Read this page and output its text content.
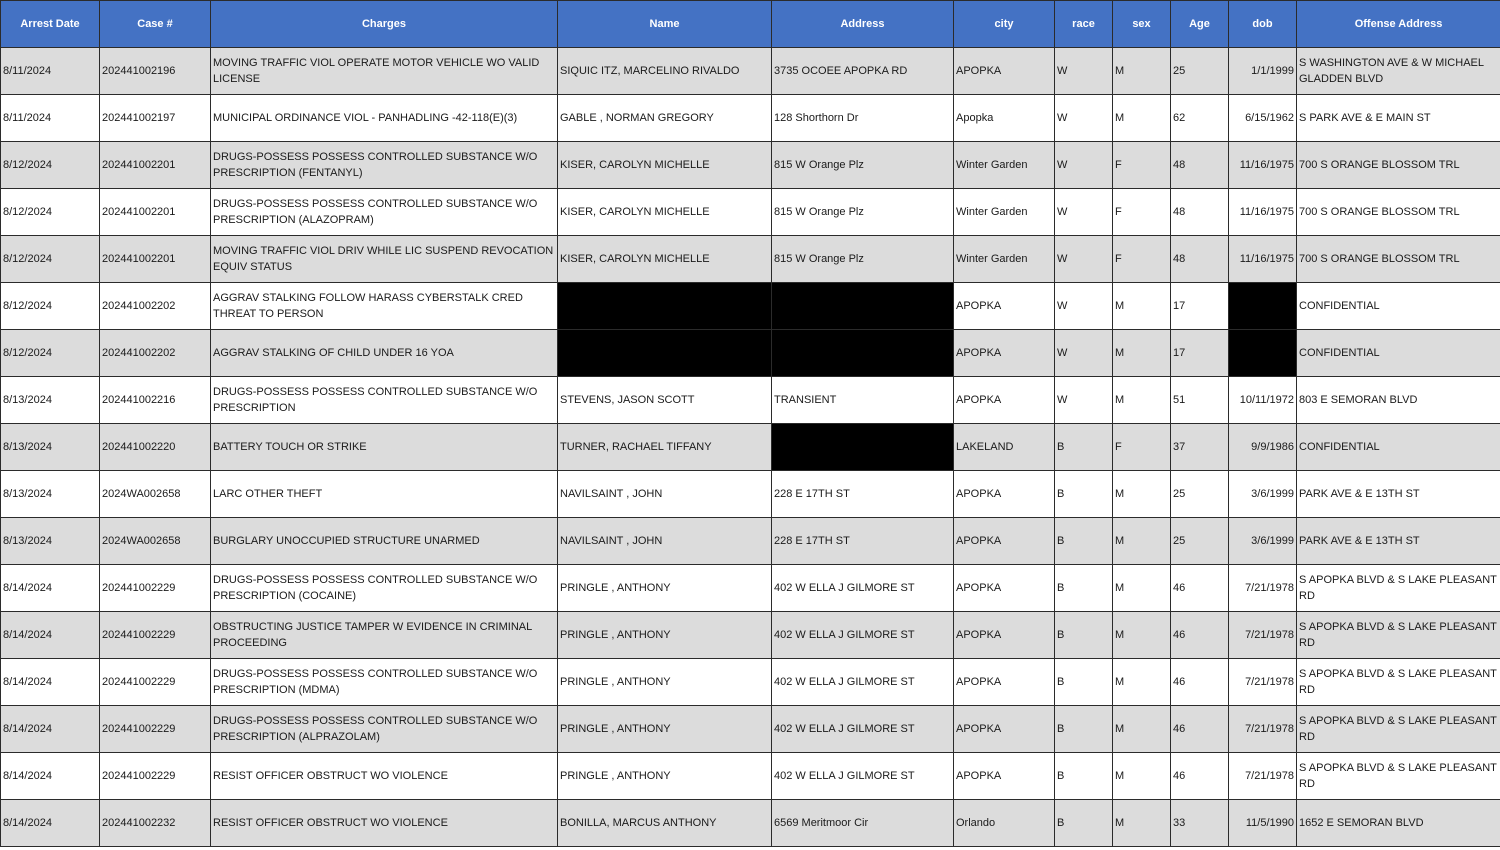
Arrest Date	Case #	Charges	Name	Address	city	race	sex	Age	dob	Offense Address
8/11/2024	202441002196	MOVING TRAFFIC VIOL OPERATE MOTOR VEHICLE WO VALID LICENSE	SIQUIC ITZ, MARCELINO RIVALDO	3735 OCOEE APOPKA RD	APOPKA	W	M	25	1/1/1999	S WASHINGTON AVE & W MICHAEL GLADDEN BLVD
8/11/2024	202441002197	MUNICIPAL ORDINANCE VIOL - PANHADLING -42-118(E)(3)	GABLE , NORMAN GREGORY	128 Shorthorn Dr	Apopka	W	M	62	6/15/1962	S PARK AVE & E MAIN ST
8/12/2024	202441002201	DRUGS-POSSESS POSSESS CONTROLLED SUBSTANCE W/O PRESCRIPTION (FENTANYL)	KISER, CAROLYN MICHELLE	815 W Orange Plz	Winter Garden	W	F	48	11/16/1975	700 S ORANGE BLOSSOM TRL
8/12/2024	202441002201	DRUGS-POSSESS POSSESS CONTROLLED SUBSTANCE W/O PRESCRIPTION (ALAZOPRAM)	KISER, CAROLYN MICHELLE	815 W Orange Plz	Winter Garden	W	F	48	11/16/1975	700 S ORANGE BLOSSOM TRL
8/12/2024	202441002201	MOVING TRAFFIC VIOL DRIV WHILE LIC SUSPEND REVOCATION EQUIV STATUS	KISER, CAROLYN MICHELLE	815 W Orange Plz	Winter Garden	W	F	48	11/16/1975	700 S ORANGE BLOSSOM TRL
8/12/2024	202441002202	AGGRAV STALKING FOLLOW HARASS CYBERSTALK CRED THREAT TO PERSON			APOPKA	W	M	17		CONFIDENTIAL
8/12/2024	202441002202	AGGRAV STALKING OF CHILD UNDER 16 YOA			APOPKA	W	M	17		CONFIDENTIAL
8/13/2024	202441002216	DRUGS-POSSESS POSSESS CONTROLLED SUBSTANCE W/O PRESCRIPTION	STEVENS, JASON SCOTT	TRANSIENT	APOPKA	W	M	51	10/11/1972	803 E SEMORAN BLVD
8/13/2024	202441002220	BATTERY TOUCH OR STRIKE	TURNER, RACHAEL TIFFANY		LAKELAND	B	F	37	9/9/1986	CONFIDENTIAL
8/13/2024	2024WA002658	LARC OTHER THEFT	NAVILSAINT , JOHN	228 E 17TH ST	APOPKA	B	M	25	3/6/1999	PARK AVE & E 13TH ST
8/13/2024	2024WA002658	BURGLARY UNOCCUPIED STRUCTURE UNARMED	NAVILSAINT , JOHN	228 E 17TH ST	APOPKA	B	M	25	3/6/1999	PARK AVE & E 13TH ST
8/14/2024	202441002229	DRUGS-POSSESS POSSESS CONTROLLED SUBSTANCE W/O PRESCRIPTION (COCAINE)	PRINGLE , ANTHONY	402 W ELLA J GILMORE ST	APOPKA	B	M	46	7/21/1978	S APOPKA BLVD & S LAKE PLEASANT RD
8/14/2024	202441002229	OBSTRUCTING JUSTICE TAMPER W EVIDENCE IN CRIMINAL PROCEEDING	PRINGLE , ANTHONY	402 W ELLA J GILMORE ST	APOPKA	B	M	46	7/21/1978	S APOPKA BLVD & S LAKE PLEASANT RD
8/14/2024	202441002229	DRUGS-POSSESS POSSESS CONTROLLED SUBSTANCE W/O PRESCRIPTION (MDMA)	PRINGLE , ANTHONY	402 W ELLA J GILMORE ST	APOPKA	B	M	46	7/21/1978	S APOPKA BLVD & S LAKE PLEASANT RD
8/14/2024	202441002229	DRUGS-POSSESS POSSESS CONTROLLED SUBSTANCE W/O PRESCRIPTION (ALPRAZOLAM)	PRINGLE , ANTHONY	402 W ELLA J GILMORE ST	APOPKA	B	M	46	7/21/1978	S APOPKA BLVD & S LAKE PLEASANT RD
8/14/2024	202441002229	RESIST OFFICER OBSTRUCT WO VIOLENCE	PRINGLE , ANTHONY	402 W ELLA J GILMORE ST	APOPKA	B	M	46	7/21/1978	S APOPKA BLVD & S LAKE PLEASANT RD
8/14/2024	202441002232	RESIST OFFICER OBSTRUCT WO VIOLENCE	BONILLA, MARCUS ANTHONY	6569 Meritmoor Cir	Orlando	B	M	33	11/5/1990	1652 E SEMORAN BLVD
